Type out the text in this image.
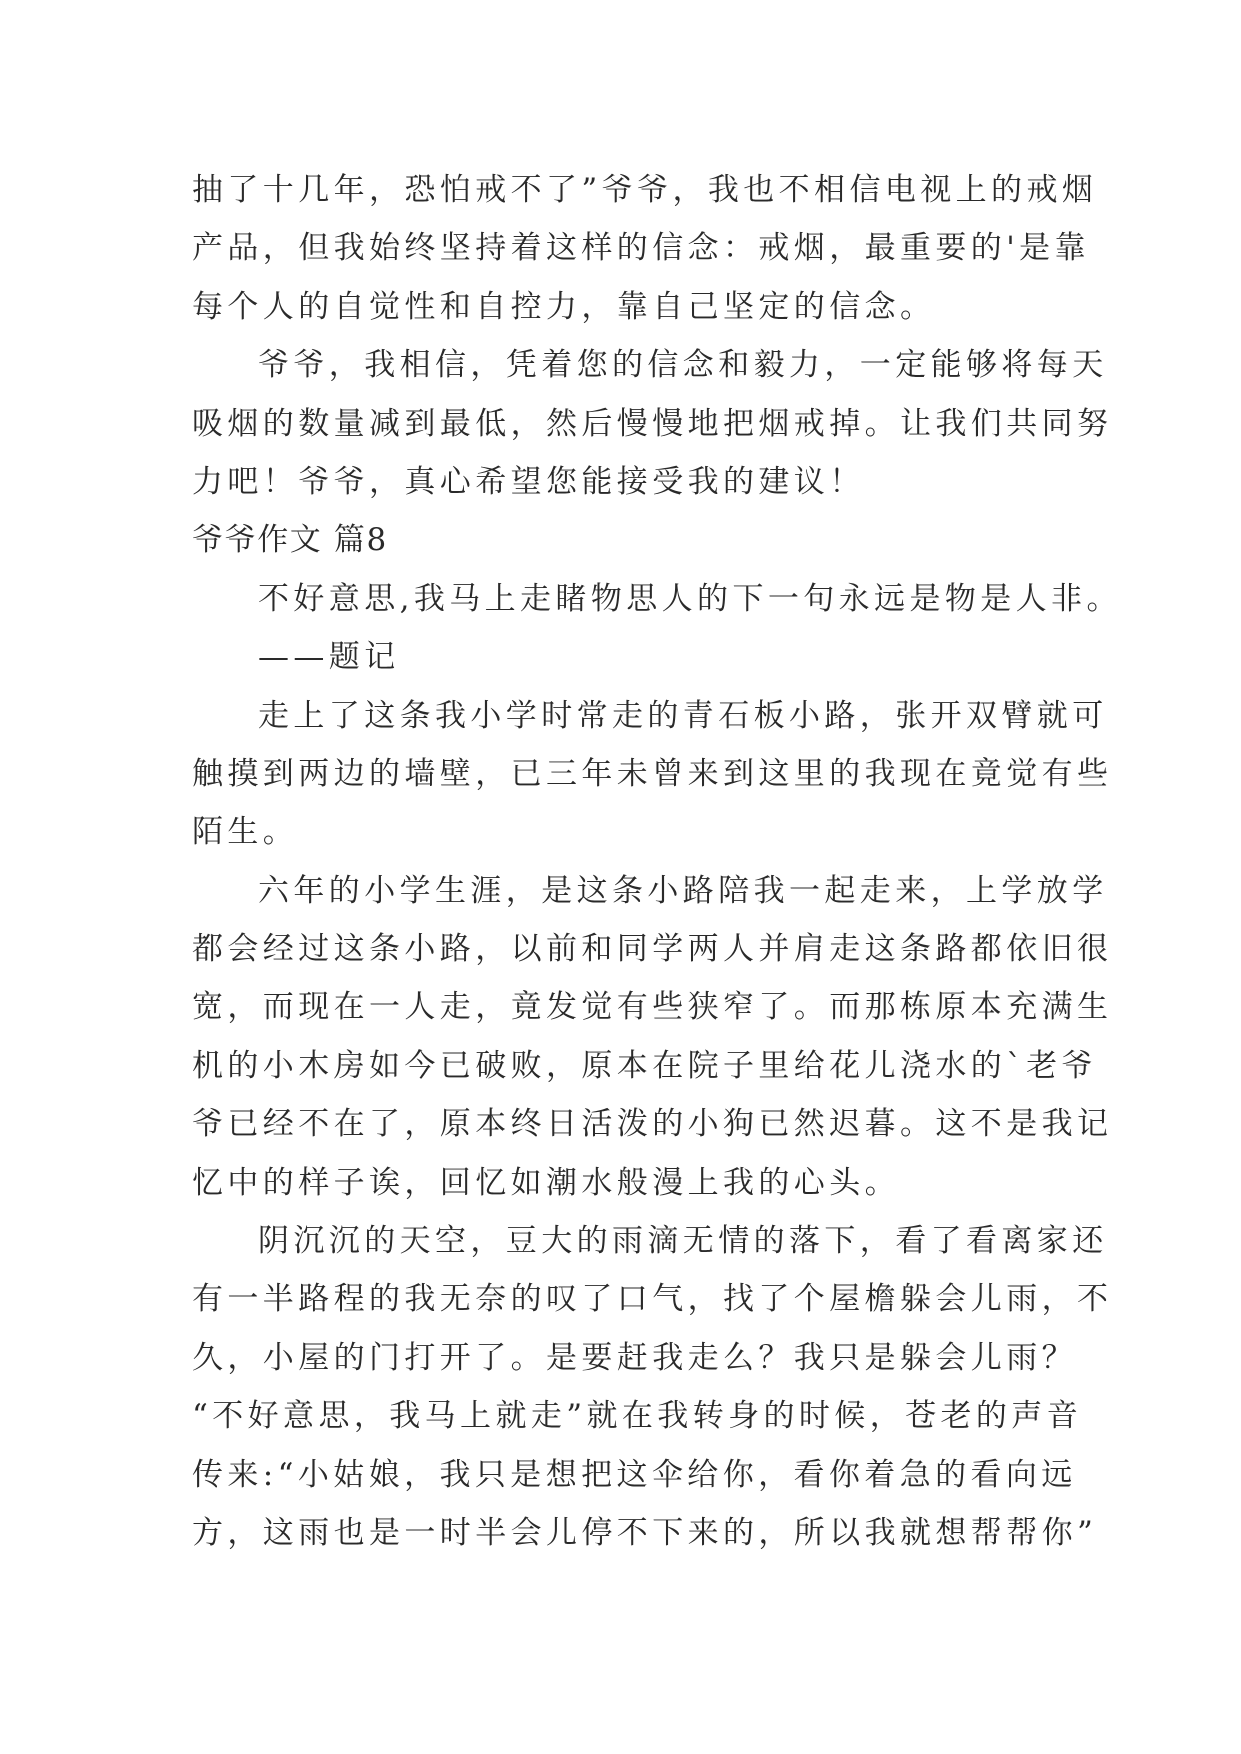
抽了十几年，恐怕戒不了”爷爷，我也不相信电视上的戒烟
产品，但我始终坚持着这样的信念：戒烟，最重要的'是靠
每个人的自觉性和自控力，靠自己坚定的信念。
爷爷，我相信，凭着您的信念和毅力，一定能够将每天
吸烟的数量减到最低，然后慢慢地把烟戒掉。让我们共同努
力吧！爷爷，真心希望您能接受我的建议！
爷爷作文 篇8
不好意思,我马上走睹物思人的下一句永远是物是人非。
——题记
走上了这条我小学时常走的青石板小路，张开双臂就可
触摸到两边的墙壁，已三年未曾来到这里的我现在竟觉有些
陌生。
六年的小学生涯，是这条小路陪我一起走来，上学放学
都会经过这条小路，以前和同学两人并肩走这条路都依旧很
宽，而现在一人走，竟发觉有些狭窄了。而那栋原本充满生
机的小木房如今已破败，原本在院子里给花儿浇水的`老爷
爷已经不在了，原本终日活泼的小狗已然迟暮。这不是我记
忆中的样子诶，回忆如潮水般漫上我的心头。
阴沉沉的天空，豆大的雨滴无情的落下，看了看离家还
有一半路程的我无奈的叹了口气，找了个屋檐躲会儿雨，不
久，小屋的门打开了。是要赶我走么？我只是躲会儿雨？
“不好意思，我马上就走”就在我转身的时候，苍老的声音
传来:“小姑娘，我只是想把这伞给你，看你着急的看向远
方，这雨也是一时半会儿停不下来的，所以我就想帮帮你”
